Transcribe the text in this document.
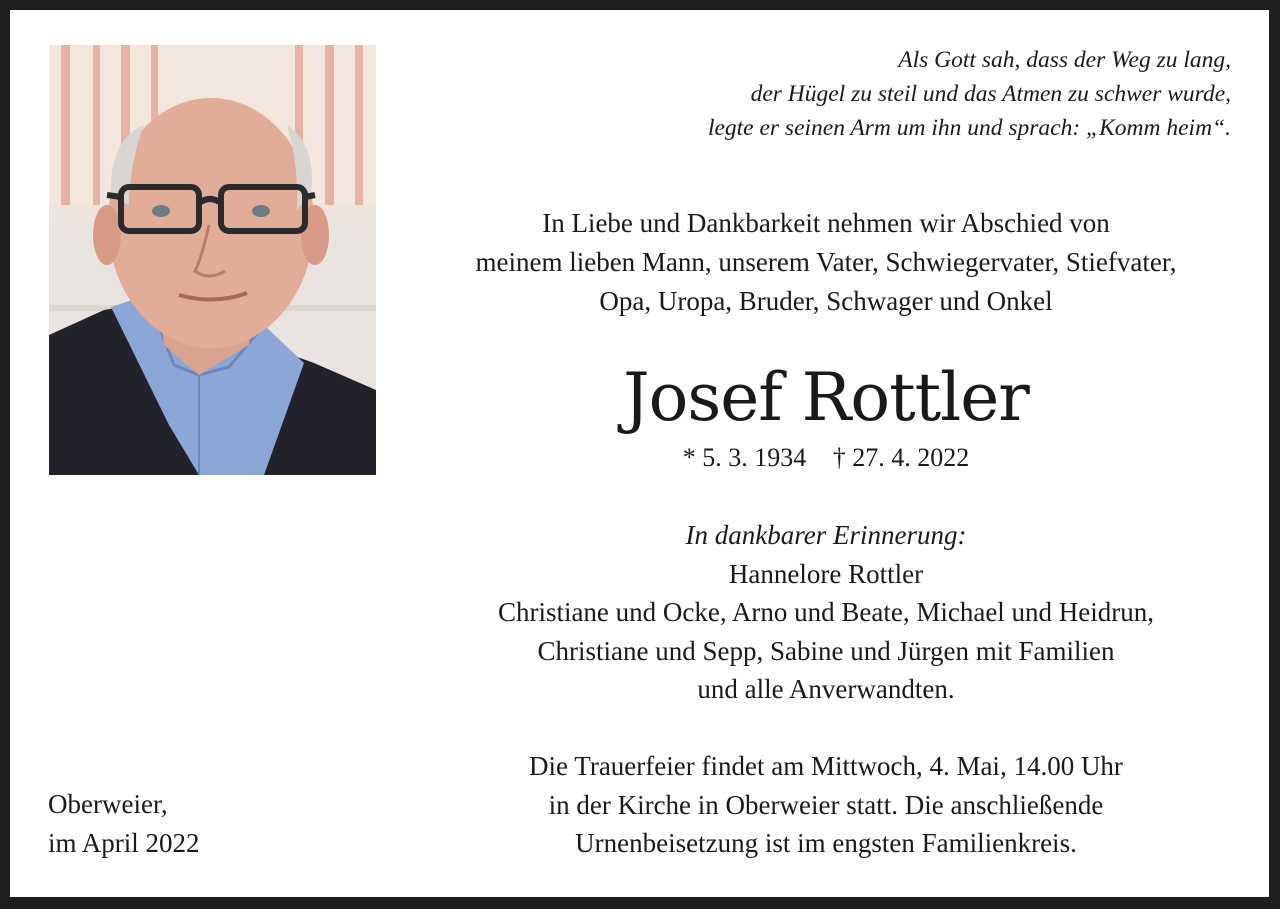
Als Gott sah, dass der Weg zu lang,
der Hügel zu steil und das Atmen zu schwer wurde,
legte er seinen Arm um ihn und sprach: „Komm heim“.
In Liebe und Dankbarkeit nehmen wir Abschied von
meinem lieben Mann, unserem Vater, Schwiegervater, Stiefvater,
Opa, Uropa, Bruder, Schwager und Onkel
Josef Rottler
* 5. 3. 1934 † 27. 4. 2022
In dankbarer Erinnerung:
Hannelore Rottler
Christiane und Ocke, Arno und Beate, Michael und Heidrun,
Christiane und Sepp, Sabine und Jürgen mit Familien
und alle Anverwandten.
Die Trauerfeier findet am Mittwoch, 4. Mai, 14.00 Uhr
in der Kirche in Oberweier statt. Die anschließende
Urnenbeisetzung ist im engsten Familienkreis.
Oberweier,
im April 2022
